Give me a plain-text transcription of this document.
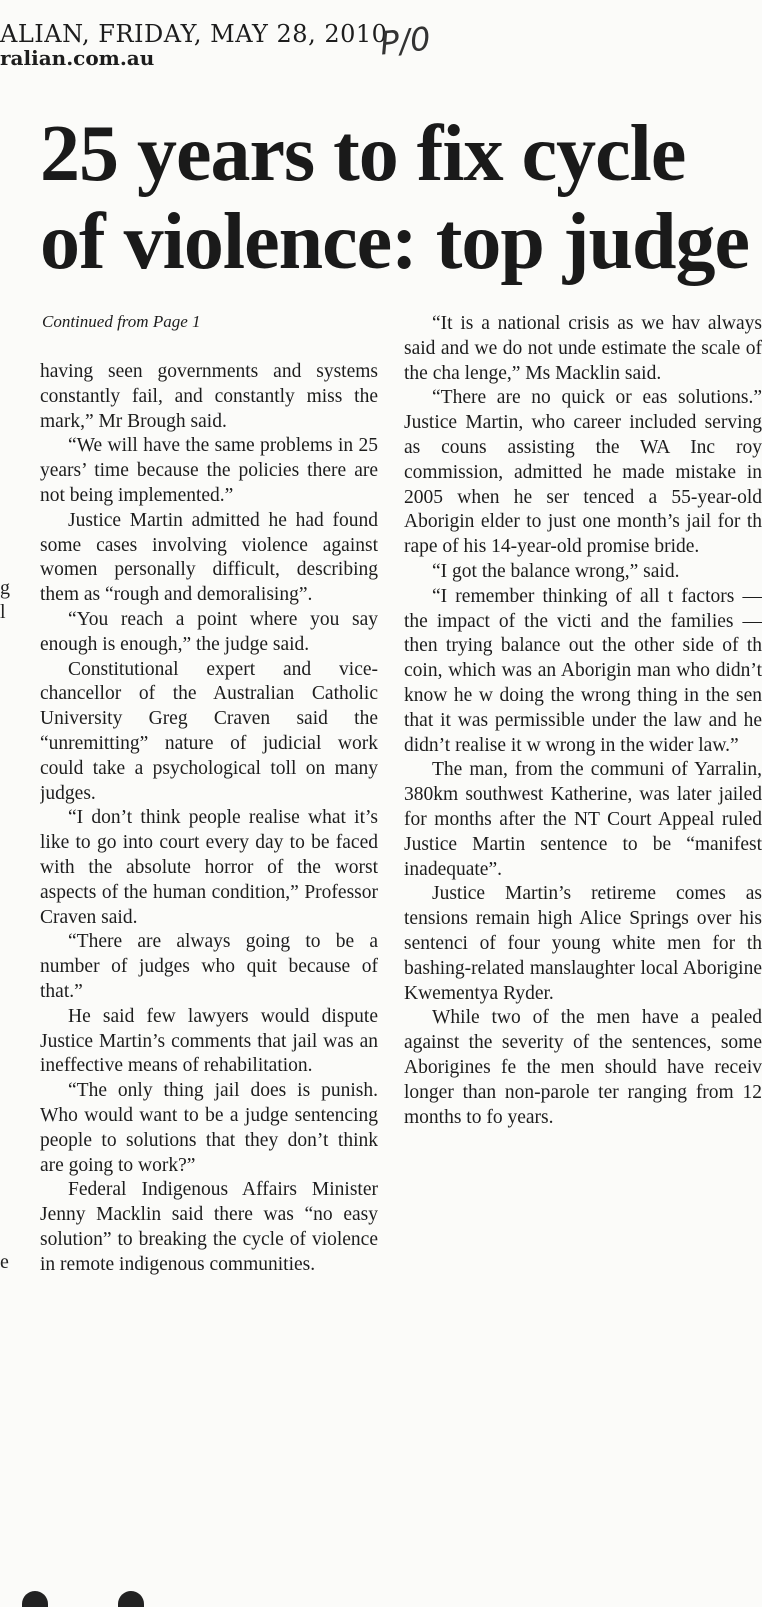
ALIAN, FRIDAY, MAY 28, 2010
ralian.com.au	P/0
25 years to fix cycle
of violence: top judge
Continued from Page 1
g
l
e

having seen governments and systems constantly fail, and constantly miss the mark,” Mr Brough said.

“We will have the same problems in 25 years’ time because the policies there are not being implemented.”

Justice Martin admitted he had found some cases involving violence against women personally difficult, describing them as “rough and demoralising”.

“You reach a point where you say enough is enough,” the judge said.

Constitutional expert and vice-chancellor of the Australian Catholic University Greg Craven said the “unremitting” nature of judicial work could take a psychological toll on many judges.

“I don’t think people realise what it’s like to go into court every day to be faced with the absolute horror of the worst aspects of the human condition,” Professor Craven said.

“There are always going to be a number of judges who quit because of that.”

He said few lawyers would dispute Justice Martin’s comments that jail was an ineffective means of rehabilitation.

“The only thing jail does is punish. Who would want to be a judge sentencing people to solutions that they don’t think are going to work?”

Federal Indigenous Affairs Minister Jenny Macklin said there was “no easy solution” to breaking the cycle of violence in remote indigenous communities.

“It is a national crisis as we hav always said and we do not unde estimate the scale of the cha lenge,” Ms Macklin said.

“There are no quick or eas solutions.” Justice Martin, who career included serving as couns assisting the WA Inc roy commission, admitted he made mistake in 2005 when he ser tenced a 55-year-old Aborigin elder to just one month’s jail for th rape of his 14-year-old promise bride.

“I got the balance wrong,” said.

“I remember thinking of all t factors — the impact of the victi and the families — then trying balance out the other side of th coin, which was an Aborigin man who didn’t know he w doing the wrong thing in the sen that it was permissible under the law and he didn’t realise it w wrong in the wider law.”

The man, from the communi of Yarralin, 380km southwest Katherine, was later jailed for months after the NT Court Appeal ruled Justice Martin sentence to be “manifest inadequate”.

Justice Martin’s retireme comes as tensions remain high Alice Springs over his sentenci of four young white men for th bashing-related manslaughter local Aborigine Kwementya Ryder.

While two of the men have a pealed against the severity of the sentences, some Aborigines fe the men should have receiv longer than non-parole ter ranging from 12 months to fo years.
